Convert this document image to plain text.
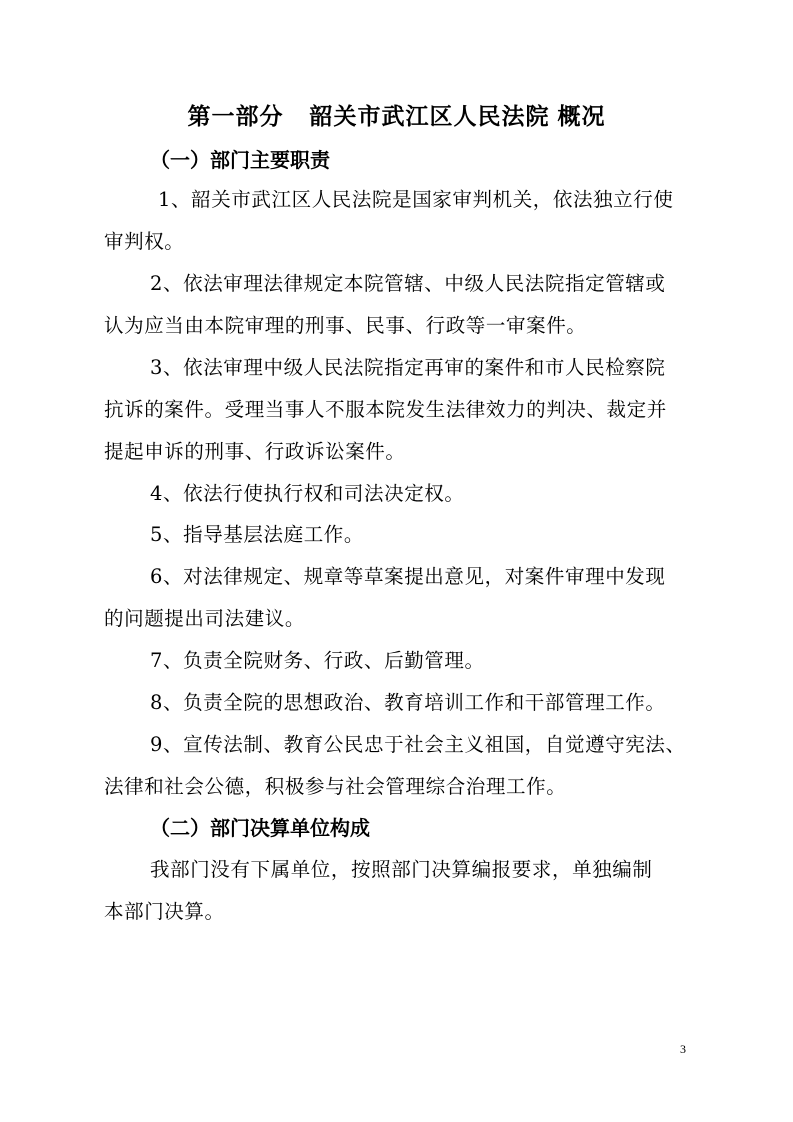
第一部分 韶关市武江区人民法院 概况
（一）部门主要职责
1、韶关市武江区人民法院是国家审判机关，依法独立行使
审判权。
2、依法审理法律规定本院管辖、中级人民法院指定管辖或
认为应当由本院审理的刑事、民事、行政等一审案件。
3、依法审理中级人民法院指定再审的案件和市人民检察院
抗诉的案件。受理当事人不服本院发生法律效力的判决、裁定并
提起申诉的刑事、行政诉讼案件。
4、依法行使执行权和司法决定权。
5、指导基层法庭工作。
6、对法律规定、规章等草案提出意见，对案件审理中发现
的问题提出司法建议。
7、负责全院财务、行政、后勤管理。
8、负责全院的思想政治、教育培训工作和干部管理工作。
9、宣传法制、教育公民忠于社会主义祖国，自觉遵守宪法、
法律和社会公德，积极参与社会管理综合治理工作。
（二）部门决算单位构成
我部门没有下属单位，按照部门决算编报要求，单独编制
本部门决算。
3
